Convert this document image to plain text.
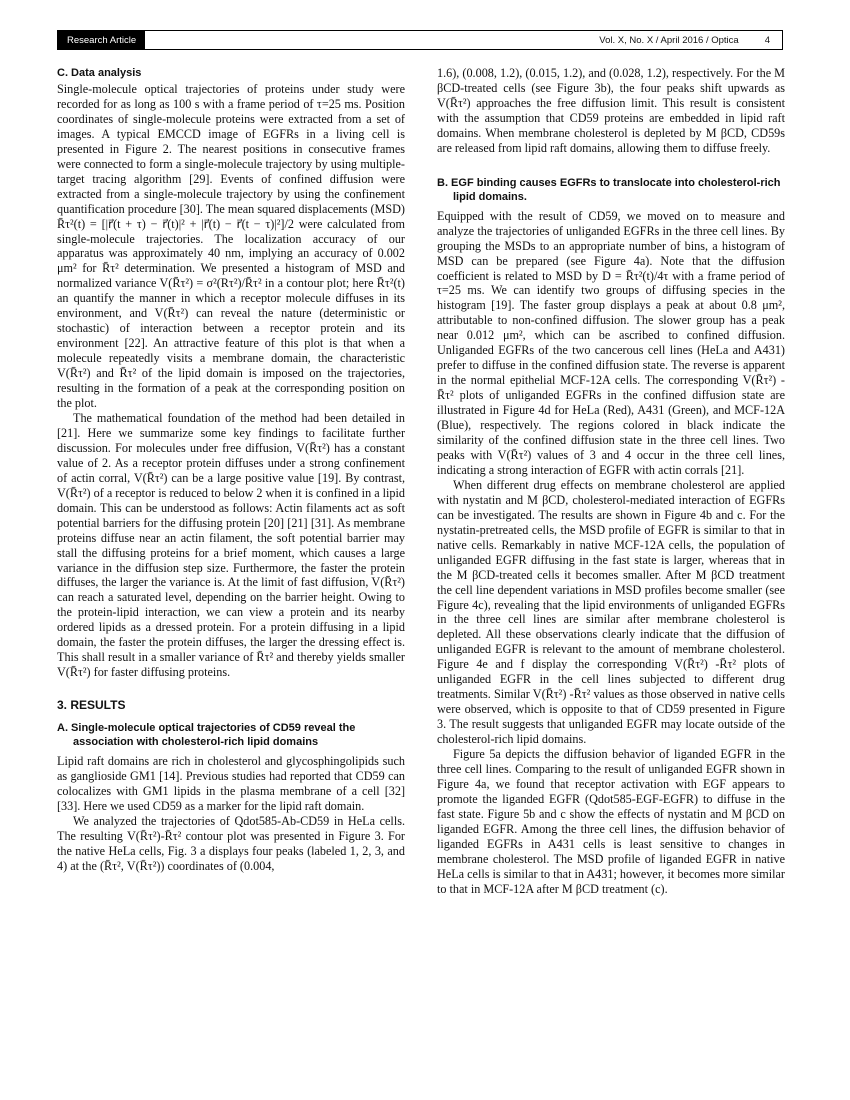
Research Article	Vol. X, No. X / April 2016 / Optica	4
C. Data analysis

Single-molecule optical trajectories of proteins under study were recorded for as long as 100 s with a frame period of τ=25 ms. Position coordinates of single-molecule proteins were extracted from a set of images. A typical EMCCD image of EGFRs in a living cell is presented in Figure 2. The nearest positions in consecutive frames were connected to form a single-molecule trajectory by using multiple-target tracing algorithm [29]. Events of confined diffusion were extracted from a single-molecule trajectory by using the confinement quantification procedure [30]. The mean squared displacements (MSD) R̄τ²(t) = [|r⃗(t + τ) − r⃗(t)|² + |r⃗(t) − r⃗(t − τ)|²]/2 were calculated from single-molecule trajectories. The localization accuracy of our apparatus was approximately 40 nm, implying an accuracy of 0.002 μm² for R̄τ² determination. We presented a histogram of MSD and normalized variance V(R̄τ²) = σ²(Rτ²)/R̄τ² in a contour plot; here R̄τ²(t) an quantify the manner in which a receptor molecule diffuses in its environment, and V(R̄τ²) can reveal the nature (deterministic or stochastic) of interaction between a receptor protein and its environment [22]. An attractive feature of this plot is that when a molecule repeatedly visits a membrane domain, the characteristic V(R̄τ²) and R̄τ² of the lipid domain is imposed on the trajectories, resulting in the formation of a peak at the corresponding position on the plot.

The mathematical foundation of the method had been detailed in [21]. Here we summarize some key findings to facilitate further discussion. For molecules under free diffusion, V(R̄τ²) has a constant value of 2. As a receptor protein diffuses under a strong confinement of actin corral, V(R̄τ²) can be a large positive value [19]. By contrast, V(R̄τ²) of a receptor is reduced to below 2 when it is confined in a lipid domain. This can be understood as follows: Actin filaments act as soft potential barriers for the diffusing protein [20] [21] [31]. As membrane proteins diffuse near an actin filament, the soft potential barrier may stall the diffusing proteins for a brief moment, which causes a large variance in the diffusion step size. Furthermore, the faster the protein diffuses, the larger the variance is. At the limit of fast diffusion, V(R̄τ²) can reach a saturated level, depending on the barrier height. Owing to the protein-lipid interaction, we can view a protein and its nearby ordered lipids as a dressed protein. For a protein diffusing in a lipid domain, the faster the protein diffuses, the larger the dressing effect is. This shall result in a smaller variance of R̄τ² and thereby yields smaller V(R̄τ²) for faster diffusing proteins.

3. RESULTS
A. Single-molecule optical trajectories of CD59 reveal the association with cholesterol-rich lipid domains

Lipid raft domains are rich in cholesterol and glycosphingolipids such as ganglioside GM1 [14]. Previous studies had reported that CD59 can colocalizes with GM1 lipids in the plasma membrane of a cell [32] [33]. Here we used CD59 as a marker for the lipid raft domain.

We analyzed the trajectories of Qdot585-Ab-CD59 in HeLa cells. The resulting V(R̄τ²)-R̄τ² contour plot was presented in Figure 3. For the native HeLa cells, Fig. 3 a displays four peaks (labeled 1, 2, 3, and 4) at the (R̄τ², V(R̄τ²)) coordinates of (0.004,

1.6), (0.008, 1.2), (0.015, 1.2), and (0.028, 1.2), respectively. For the M βCD-treated cells (see Figure 3b), the four peaks shift upwards as V(R̄τ²) approaches the free diffusion limit. This result is consistent with the assumption that CD59 proteins are embedded in lipid raft domains. When membrane cholesterol is depleted by M βCD, CD59s are released from lipid raft domains, allowing them to diffuse freely.

B. EGF binding causes EGFRs to translocate into cholesterol-rich lipid domains.

Equipped with the result of CD59, we moved on to measure and analyze the trajectories of unliganded EGFRs in the three cell lines. By grouping the MSDs to an appropriate number of bins, a histogram of MSD can be prepared (see Figure 4a). Note that the diffusion coefficient is related to MSD by D = R̄τ²(t)/4τ with a frame period of τ=25 ms. We can identify two groups of diffusing species in the histogram [19]. The faster group displays a peak at about 0.8 μm², attributable to non-confined diffusion. The slower group has a peak near 0.012 μm², which can be ascribed to confined diffusion. Unliganded EGFRs of the two cancerous cell lines (HeLa and A431) prefer to diffuse in the confined diffusion state. The reverse is apparent in the normal epithelial MCF-12A cells. The corresponding V(R̄τ²) -R̄τ² plots of unliganded EGFRs in the confined diffusion state are illustrated in Figure 4d for HeLa (Red), A431 (Green), and MCF-12A (Blue), respectively. The regions colored in black indicate the similarity of the confined diffusion state in the three cell lines. Two peaks with V(R̄τ²) values of 3 and 4 occur in the three cell lines, indicating a strong interaction of EGFR with actin corrals [21].

When different drug effects on membrane cholesterol are applied with nystatin and M βCD, cholesterol-mediated interaction of EGFRs can be investigated. The results are shown in Figure 4b and c. For the nystatin-pretreated cells, the MSD profile of EGFR is similar to that in native cells. Remarkably in native MCF-12A cells, the population of unliganded EGFR diffusing in the fast state is larger, whereas that in the M βCD-treated cells it becomes smaller. After M βCD treatment the cell line dependent variations in MSD profiles become smaller (see Figure 4c), revealing that the lipid environments of unliganded EGFRs in the three cell lines are similar after membrane cholesterol is depleted. All these observations clearly indicate that the diffusion of unliganded EGFR is relevant to the amount of membrane cholesterol. Figure 4e and f display the corresponding V(R̄τ²) -R̄τ² plots of unliganded EGFR in the cell lines subjected to different drug treatments. Similar V(R̄τ²) -R̄τ² values as those observed in native cells were observed, which is opposite to that of CD59 presented in Figure 3. The result suggests that unliganded EGFR may locate outside of the cholesterol-rich lipid domains.

Figure 5a depicts the diffusion behavior of liganded EGFR in the three cell lines. Comparing to the result of unliganded EGFR shown in Figure 4a, we found that receptor activation with EGF appears to promote the liganded EGFR (Qdot585-EGF-EGFR) to diffuse in the fast state. Figure 5b and c show the effects of nystatin and M βCD on liganded EGFR. Among the three cell lines, the diffusion behavior of liganded EGFRs in A431 cells is least sensitive to changes in membrane cholesterol. The MSD profile of liganded EGFR in native HeLa cells is similar to that in A431; however, it becomes more similar to that in MCF-12A after M βCD treatment (c).
